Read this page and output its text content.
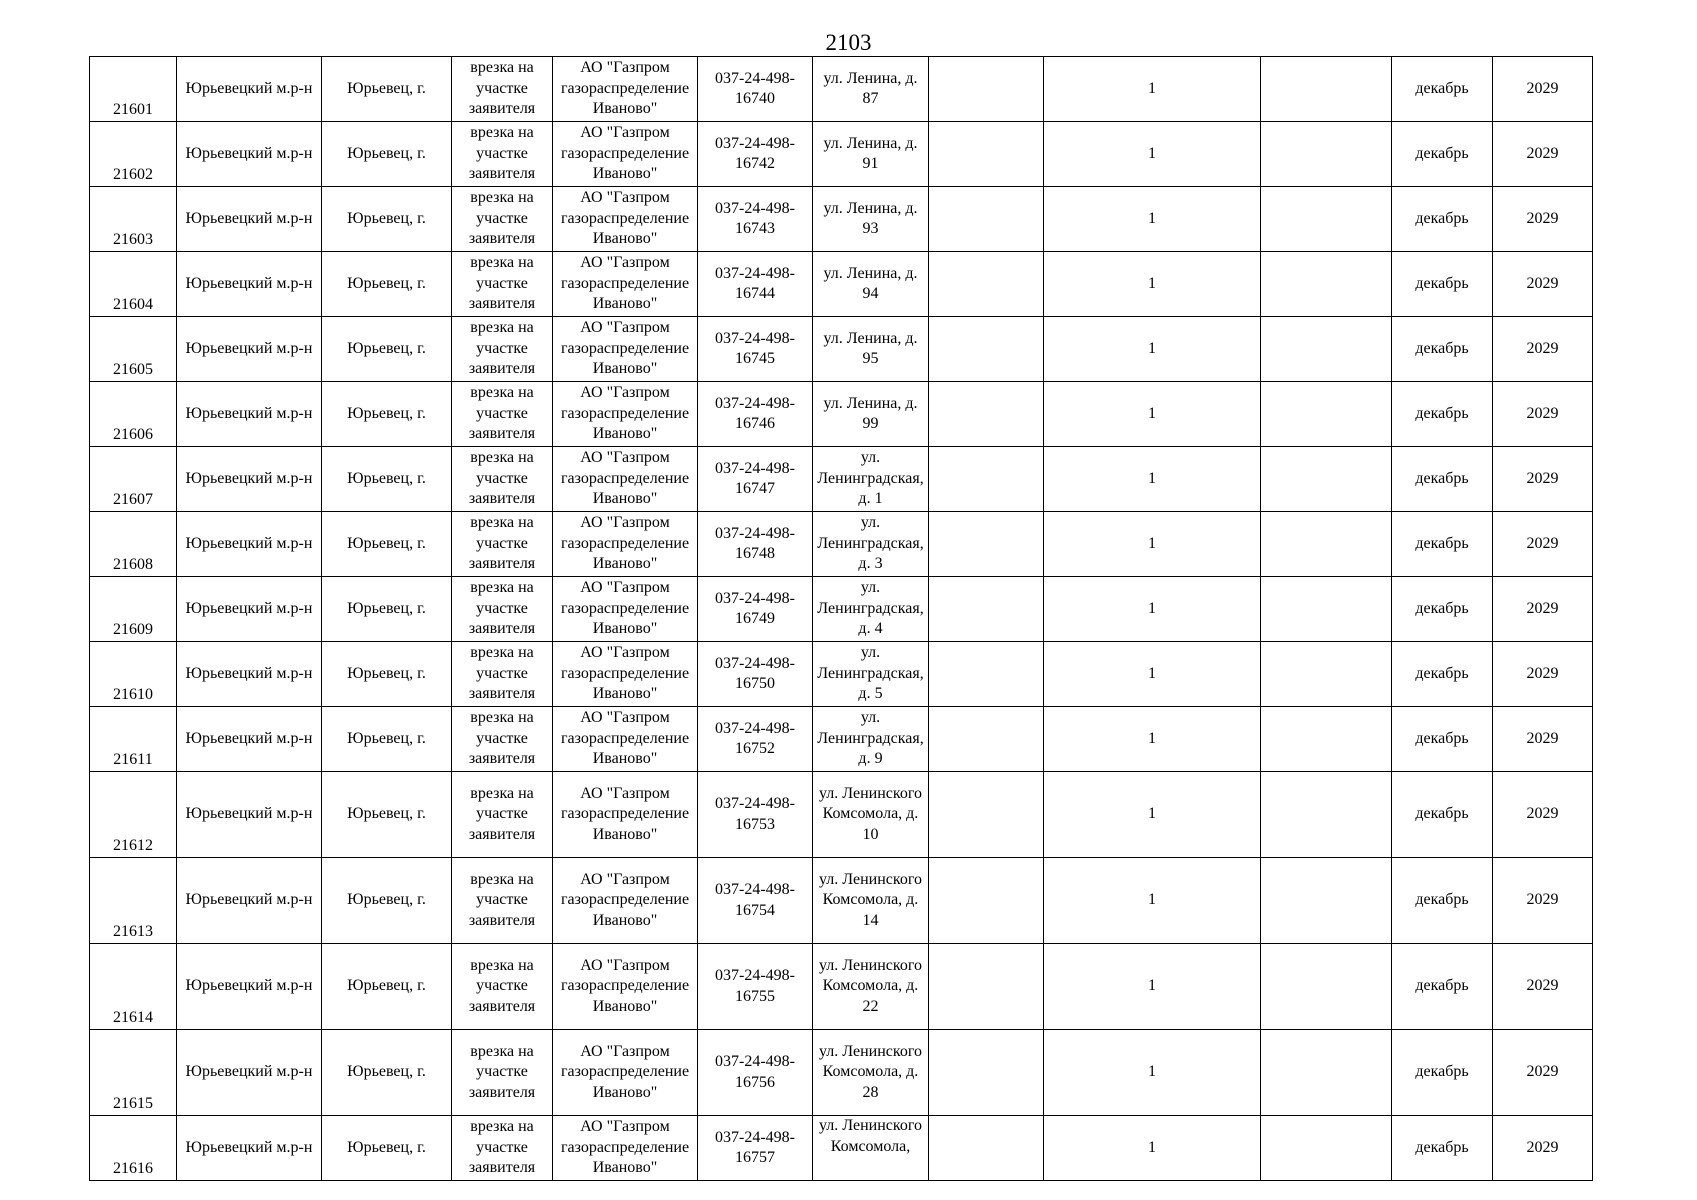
2103
21601	Юрьевецкий м.р-н	Юрьевец, г.	врезка на участке заявителя	АО "Газпром газораспределение Иваново"	037-24-498-16740	ул. Ленина, д. 87		1		декабрь	2029
21602	Юрьевецкий м.р-н	Юрьевец, г.	врезка на участке заявителя	АО "Газпром газораспределение Иваново"	037-24-498-16742	ул. Ленина, д. 91		1		декабрь	2029
21603	Юрьевецкий м.р-н	Юрьевец, г.	врезка на участке заявителя	АО "Газпром газораспределение Иваново"	037-24-498-16743	ул. Ленина, д. 93		1		декабрь	2029
21604	Юрьевецкий м.р-н	Юрьевец, г.	врезка на участке заявителя	АО "Газпром газораспределение Иваново"	037-24-498-16744	ул. Ленина, д. 94		1		декабрь	2029
21605	Юрьевецкий м.р-н	Юрьевец, г.	врезка на участке заявителя	АО "Газпром газораспределение Иваново"	037-24-498-16745	ул. Ленина, д. 95		1		декабрь	2029
21606	Юрьевецкий м.р-н	Юрьевец, г.	врезка на участке заявителя	АО "Газпром газораспределение Иваново"	037-24-498-16746	ул. Ленина, д. 99		1		декабрь	2029
21607	Юрьевецкий м.р-н	Юрьевец, г.	врезка на участке заявителя	АО "Газпром газораспределение Иваново"	037-24-498-16747	ул. Ленинградская, д. 1		1		декабрь	2029
21608	Юрьевецкий м.р-н	Юрьевец, г.	врезка на участке заявителя	АО "Газпром газораспределение Иваново"	037-24-498-16748	ул. Ленинградская, д. 3		1		декабрь	2029
21609	Юрьевецкий м.р-н	Юрьевец, г.	врезка на участке заявителя	АО "Газпром газораспределение Иваново"	037-24-498-16749	ул. Ленинградская, д. 4		1		декабрь	2029
21610	Юрьевецкий м.р-н	Юрьевец, г.	врезка на участке заявителя	АО "Газпром газораспределение Иваново"	037-24-498-16750	ул. Ленинградская, д. 5		1		декабрь	2029
21611	Юрьевецкий м.р-н	Юрьевец, г.	врезка на участке заявителя	АО "Газпром газораспределение Иваново"	037-24-498-16752	ул. Ленинградская, д. 9		1		декабрь	2029
21612	Юрьевецкий м.р-н	Юрьевец, г.	врезка на участке заявителя	АО "Газпром газораспределение Иваново"	037-24-498-16753	ул. Ленинского Комсомола, д. 10		1		декабрь	2029
21613	Юрьевецкий м.р-н	Юрьевец, г.	врезка на участке заявителя	АО "Газпром газораспределение Иваново"	037-24-498-16754	ул. Ленинского Комсомола, д. 14		1		декабрь	2029
21614	Юрьевецкий м.р-н	Юрьевец, г.	врезка на участке заявителя	АО "Газпром газораспределение Иваново"	037-24-498-16755	ул. Ленинского Комсомола, д. 22		1		декабрь	2029
21615	Юрьевецкий м.р-н	Юрьевец, г.	врезка на участке заявителя	АО "Газпром газораспределение Иваново"	037-24-498-16756	ул. Ленинского Комсомола, д. 28		1		декабрь	2029
21616	Юрьевецкий м.р-н	Юрьевец, г.	врезка на участке заявителя	АО "Газпром газораспределение Иваново"	037-24-498-16757	ул. Ленинского Комсомола,		1		декабрь	2029
